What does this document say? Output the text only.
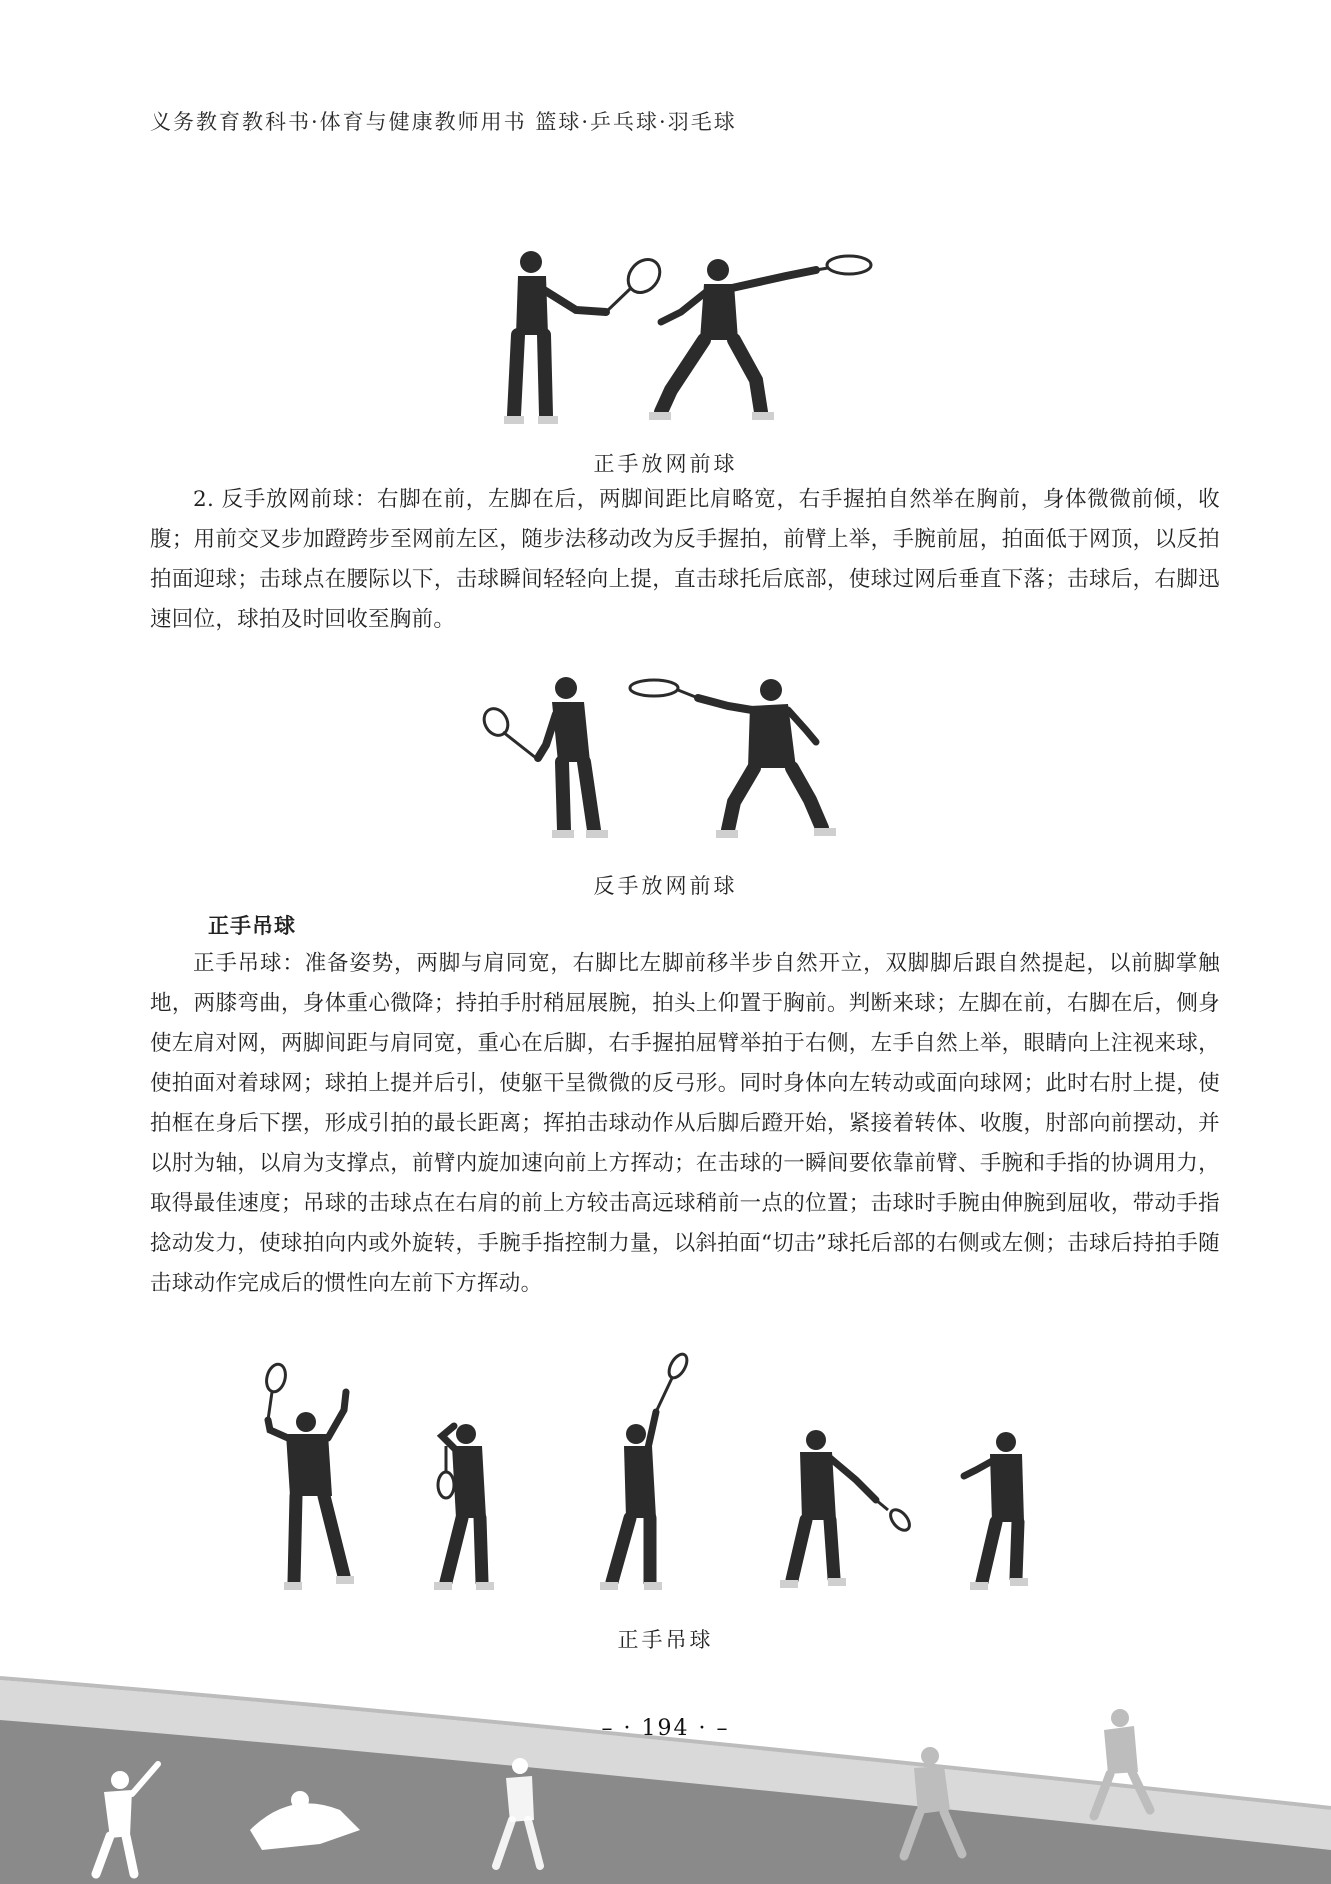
义务教育教科书·体育与健康教师用书 篮球·乒乓球·羽毛球
正手放网前球

2. 反手放网前球：右脚在前，左脚在后，两脚间距比肩略宽，右手握拍自然举在胸前，身体微微前倾，收腹；用前交叉步加蹬跨步至网前左区，随步法移动改为反手握拍，前臂上举，手腕前屈，拍面低于网顶，以反拍拍面迎球；击球点在腰际以下，击球瞬间轻轻向上提，直击球托后底部，使球过网后垂直下落；击球后，右脚迅速回位，球拍及时回收至胸前。

反手放网前球
正手吊球

正手吊球：准备姿势，两脚与肩同宽，右脚比左脚前移半步自然开立，双脚脚后跟自然提起，以前脚掌触地，两膝弯曲，身体重心微降；持拍手肘稍屈展腕，拍头上仰置于胸前。判断来球；左脚在前，右脚在后，侧身使左肩对网，两脚间距与肩同宽，重心在后脚，右手握拍屈臂举拍于右侧，左手自然上举，眼睛向上注视来球，使拍面对着球网；球拍上提并后引，使躯干呈微微的反弓形。同时身体向左转动或面向球网；此时右肘上提，使拍框在身后下摆，形成引拍的最长距离；挥拍击球动作从后脚后蹬开始，紧接着转体、收腹，肘部向前摆动，并以肘为轴，以肩为支撑点，前臂内旋加速向前上方挥动；在击球的一瞬间要依靠前臂、手腕和手指的协调用力，取得最佳速度；吊球的击球点在右肩的前上方较击高远球稍前一点的位置；击球时手腕由伸腕到屈收，带动手指捻动发力，使球拍向内或外旋转，手腕手指控制力量，以斜拍面“切击”球托后部的右侧或左侧；击球后持拍手随击球动作完成后的惯性向左前下方挥动。

正手吊球
– · 194 · –
